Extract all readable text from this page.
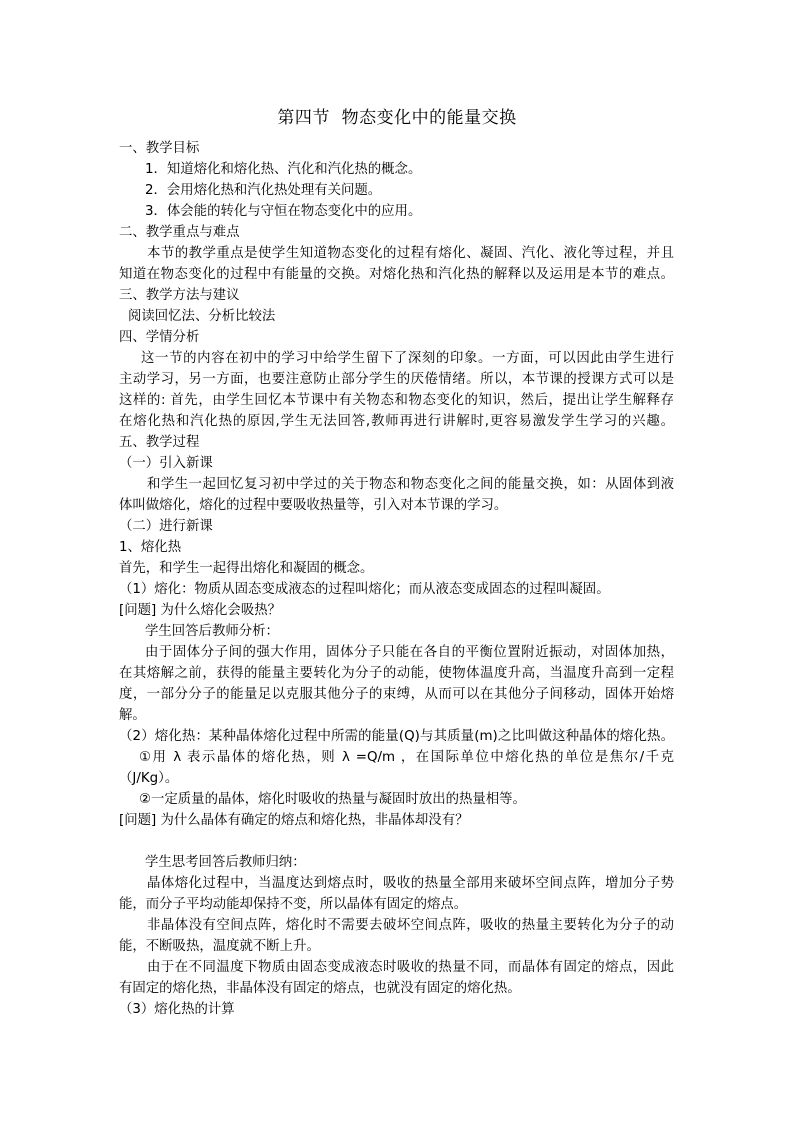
第四节  物态变化中的能量交换
一、教学目标
1．知道熔化和熔化热、汽化和汽化热的概念。
2．会用熔化热和汽化热处理有关问题。
3．体会能的转化与守恒在物态变化中的应用。
二、教学重点与难点
本节的教学重点是使学生知道物态变化的过程有熔化、凝固、汽化、液化等过程，并且
知道在物态变化的过程中有能量的交换。对熔化热和汽化热的解释以及运用是本节的难点。
三、教学方法与建议
阅读回忆法、分析比较法
四、学情分析
这一节的内容在初中的学习中给学生留下了深刻的印象。一方面，可以因此由学生进行
主动学习，另一方面，也要注意防止部分学生的厌倦情绪。所以，本节课的授课方式可以是
这样的: 首先，由学生回忆本节课中有关物态和物态变化的知识，然后，提出让学生解释存
在熔化热和汽化热的原因,学生无法回答,教师再进行讲解时,更容易激发学生学习的兴趣。
五、教学过程
（一）引入新课
和学生一起回忆复习初中学过的关于物态和物态变化之间的能量交换，如：从固体到液
体叫做熔化，熔化的过程中要吸收热量等，引入对本节课的学习。
（二）进行新课
1、熔化热
首先，和学生一起得出熔化和凝固的概念。
（1）熔化：物质从固态变成液态的过程叫熔化；而从液态变成固态的过程叫凝固。
[问题] 为什么熔化会吸热？
学生回答后教师分析：
由于固体分子间的强大作用，固体分子只能在各自的平衡位置附近振动，对固体加热，
在其熔解之前，获得的能量主要转化为分子的动能，使物体温度升高，当温度升高到一定程
度，一部分分子的能量足以克服其他分子的束缚，从而可以在其他分子间移动，固体开始熔
解。
（2）熔化热：某种晶体熔化过程中所需的能量(Q)与其质量(m)之比叫做这种晶体的熔化热。
①用 λ 表示晶体的熔化热，则 λ =Q/m ，在国际单位中熔化热的单位是焦尔/千克
（J/Kg）。
②一定质量的晶体，熔化时吸收的热量与凝固时放出的热量相等。
[问题] 为什么晶体有确定的熔点和熔化热，非晶体却没有？
学生思考回答后教师归纳：
晶体熔化过程中，当温度达到熔点时，吸收的热量全部用来破坏空间点阵，增加分子势
能，而分子平均动能却保持不变，所以晶体有固定的熔点。
非晶体没有空间点阵，熔化时不需要去破坏空间点阵，吸收的热量主要转化为分子的动
能，不断吸热，温度就不断上升。
由于在不同温度下物质由固态变成液态时吸收的热量不同，而晶体有固定的熔点，因此
有固定的熔化热，非晶体没有固定的熔点，也就没有固定的熔化热。
（3）熔化热的计算
